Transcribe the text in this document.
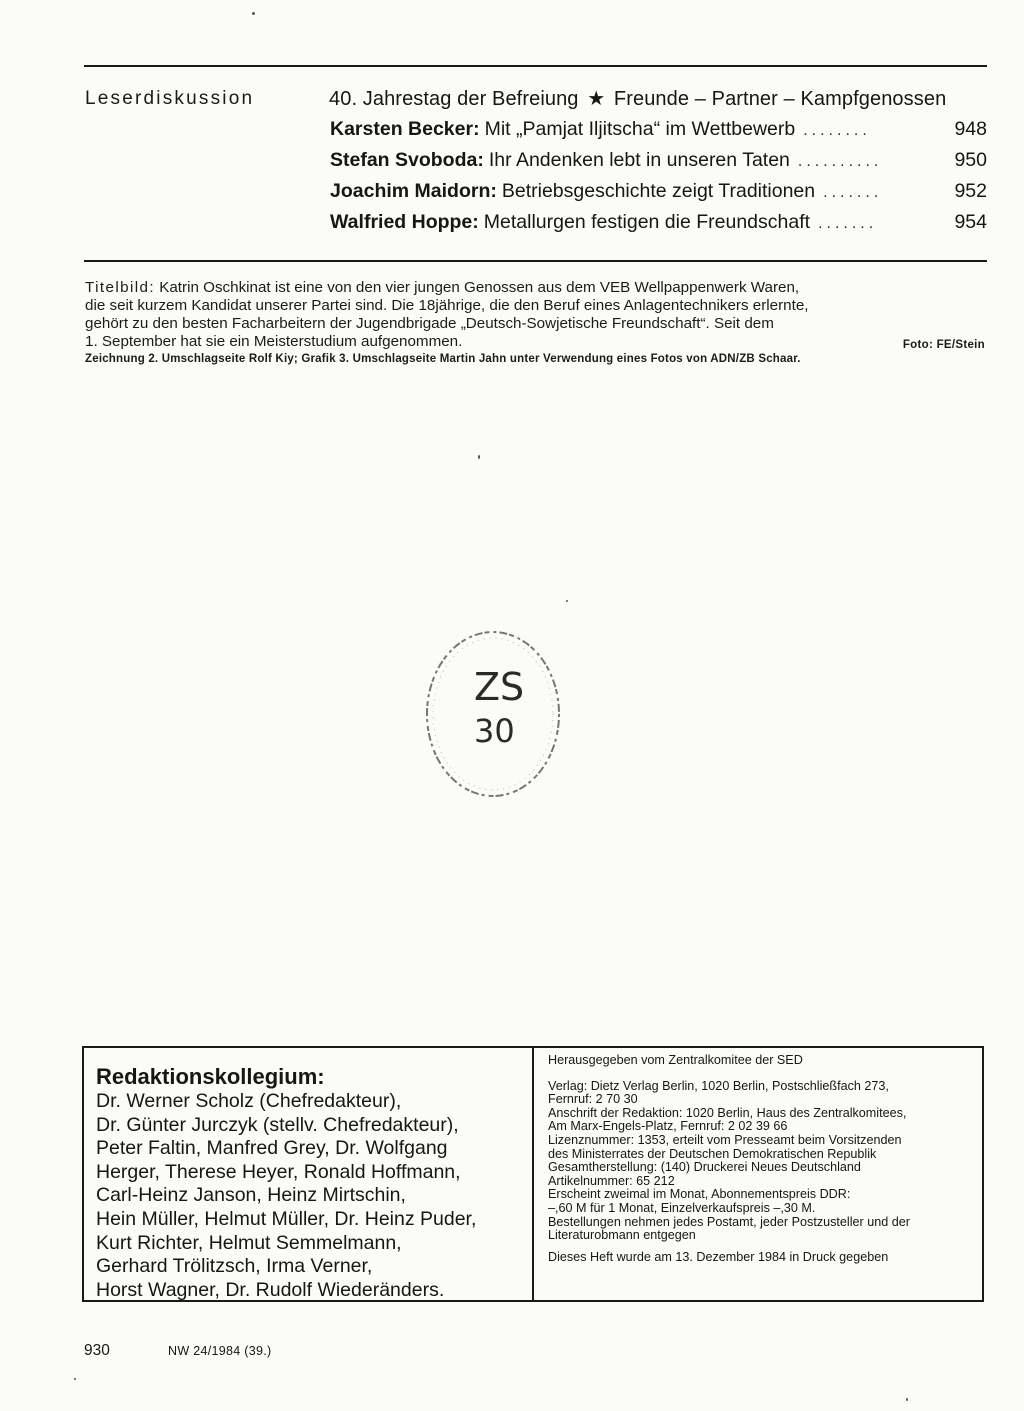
Leserdiskussion	40. Jahrestag der Befreiung ★ Freunde – Partner – Kampfgenossen
Karsten Becker: Mit „Pamjat Iljitscha“ im Wettbewerb ........	948
Stefan Svoboda: Ihr Andenken lebt in unseren Taten ..........	950
Joachim Maidorn: Betriebsgeschichte zeigt Traditionen .......	952
Walfried Hoppe: Metallurgen festigen die Freundschaft .......	954

Titelbild: Katrin Oschkinat ist eine von den vier jungen Genossen aus dem VEB Wellpappenwerk Waren,

die seit kurzem Kandidat unserer Partei sind. Die 18jährige, die den Beruf eines Anlagentechnikers erlernte,

gehört zu den besten Facharbeitern der Jugendbrigade „Deutsch-Sowjetische Freundschaft“. Seit dem

1. September hat sie ein Meisterstudium aufgenommen.	Foto: FE/Stein

Zeichnung 2. Umschlagseite Rolf Kiy; Grafik 3. Umschlagseite Martin Jahn unter Verwendung eines Fotos von ADN/ZB Schaar.

ZS
30
Redaktionskollegium:
Dr. Werner Scholz (Chefredakteur),
Dr. Günter Jurczyk (stellv. Chefredakteur),
Peter Faltin, Manfred Grey, Dr. Wolfgang
Herger, Therese Heyer, Ronald Hoffmann,
Carl-Heinz Janson, Heinz Mirtschin,
Hein Müller, Helmut Müller, Dr. Heinz Puder,
Kurt Richter, Helmut Semmelmann,
Gerhard Trölitzsch, Irma Verner,
Horst Wagner, Dr. Rudolf Wiederänders.
Herausgegeben vom Zentralkomitee der SED
Verlag: Dietz Verlag Berlin, 1020 Berlin, Postschließfach 273,
Fernruf: 2 70 30
Anschrift der Redaktion: 1020 Berlin, Haus des Zentralkomitees,
Am Marx-Engels-Platz, Fernruf: 2 02 39 66
Lizenznummer: 1353, erteilt vom Presseamt beim Vorsitzenden
des Ministerrates der Deutschen Demokratischen Republik
Gesamtherstellung: (140) Druckerei Neues Deutschland
Artikelnummer: 65 212
Erscheint zweimal im Monat, Abonnementspreis DDR:
–,60 M für 1 Monat, Einzelverkaufspreis –,30 M.
Bestellungen nehmen jedes Postamt, jeder Postzusteller und der
Literaturobmann entgegen
Dieses Heft wurde am 13. Dezember 1984 in Druck gegeben
930	NW 24/1984 (39.)
